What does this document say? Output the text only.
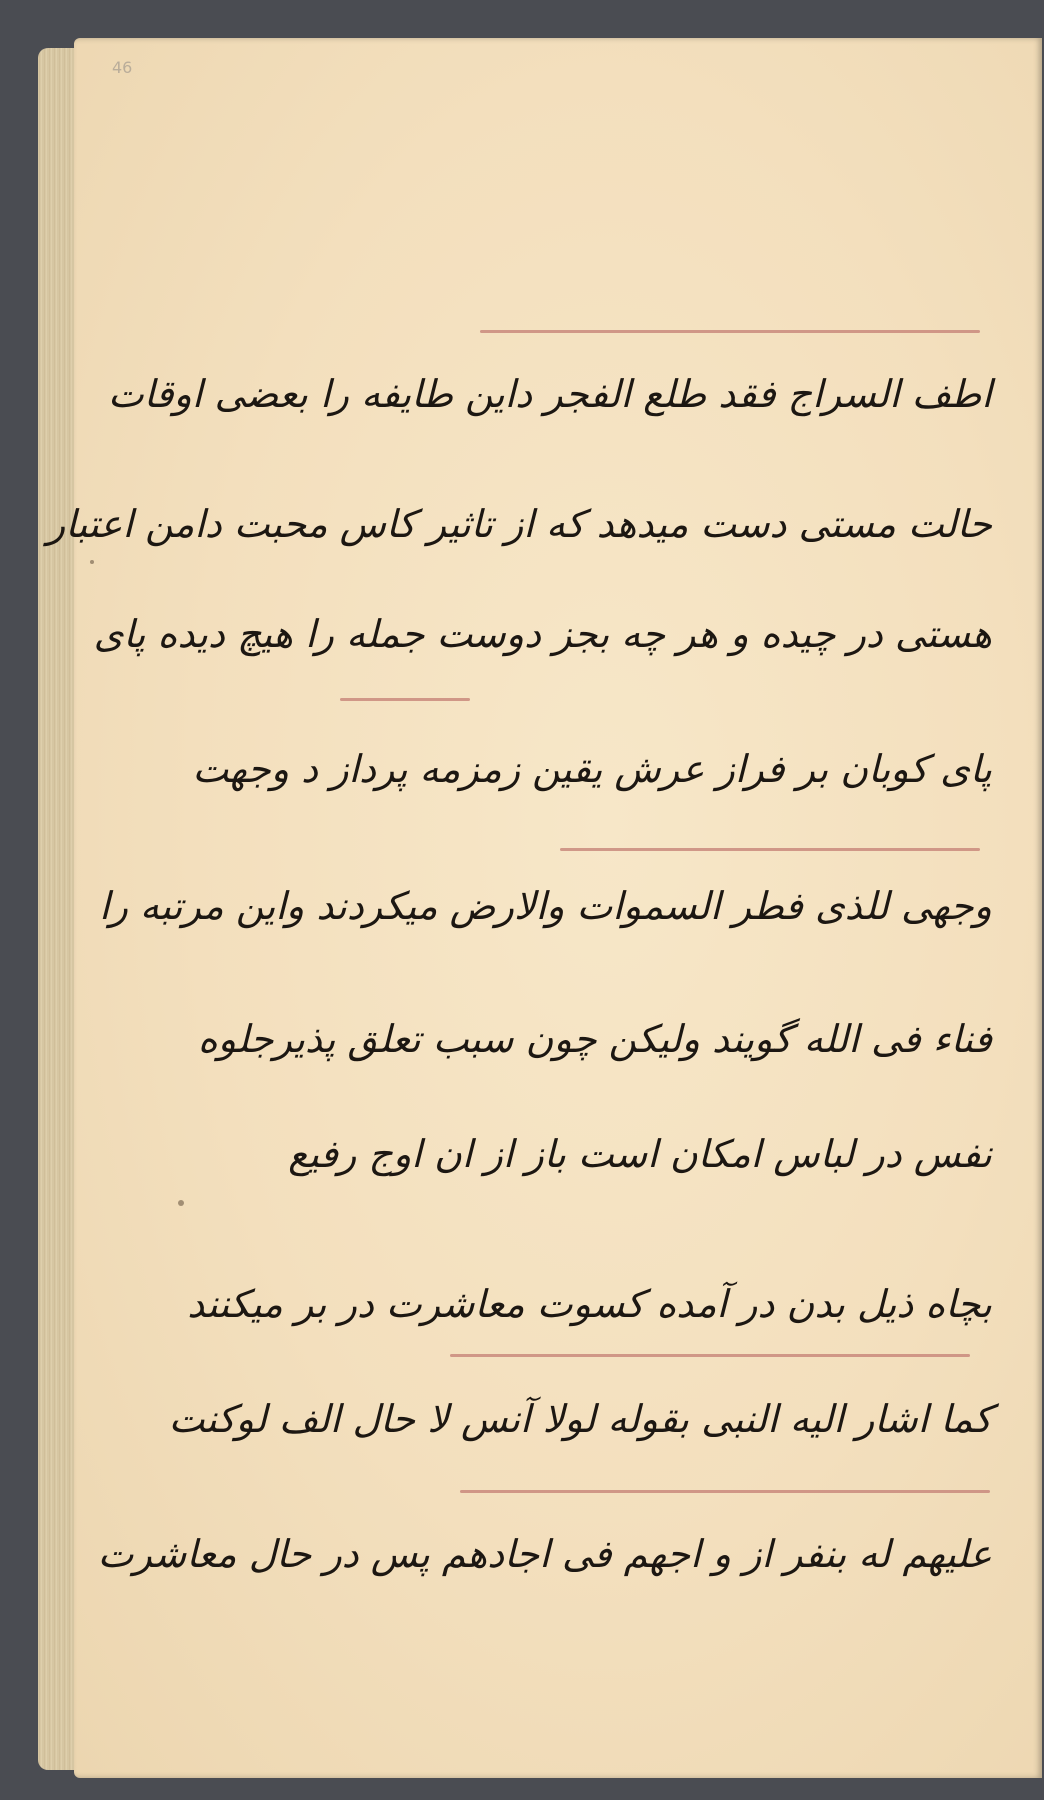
46
اطف السراج فقد طلع الفجر داین طایفه را بعضی اوقات
حالت مستی دست میدهد که از تاثیر کاس محبت دامن اعتبار
هستی در چیده و هر چه بجز دوست جمله را هیچ دیده پای
پای کوبان بر فراز عرش یقین زمزمه پرداز د وجهت
وجهی للذی فطر السموات والارض میکردند واین مرتبه را
فناء فی الله گویند ولیکن چون سبب تعلق پذیرجلوه
نفس در لباس امکان است باز از ان اوج رفیع
بچاه ذیل بدن در آمده کسوت معاشرت در بر میکنند
کما اشار الیه النبی بقوله لولا آنس لا حال الف لوکنت
علیهم له بنفر از و اجهم فی اجادهم پس در حال معاشرت
